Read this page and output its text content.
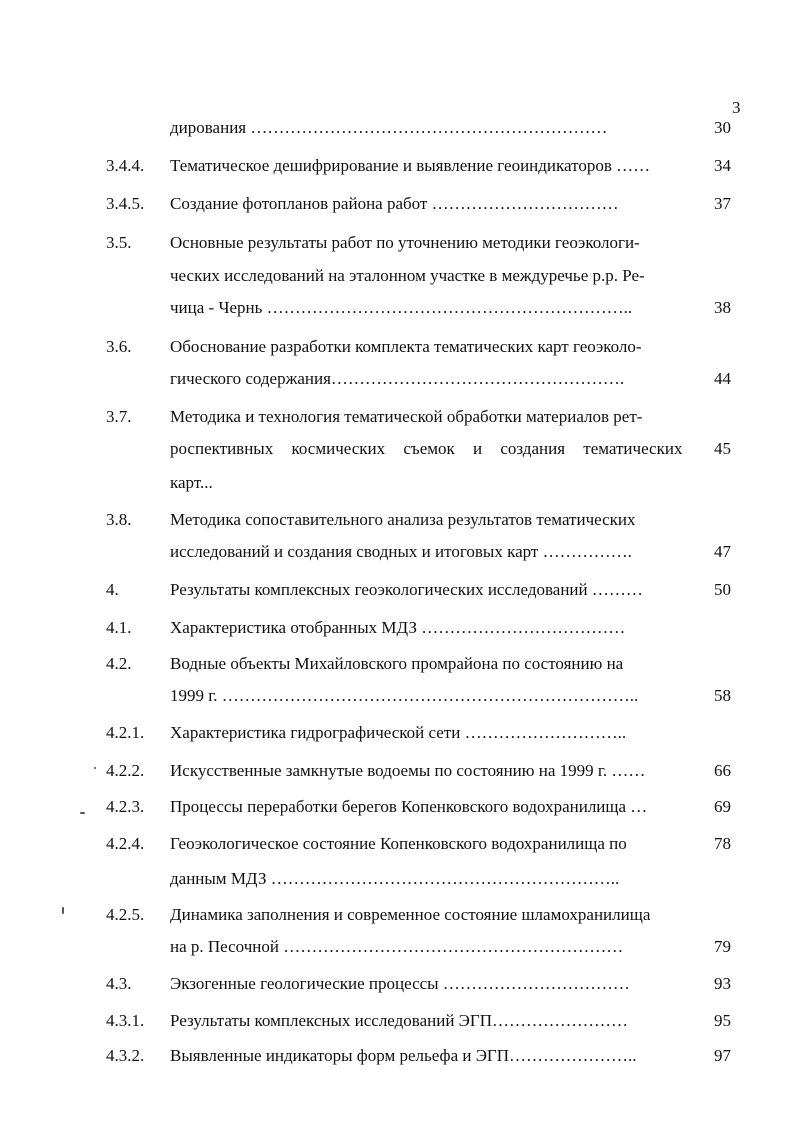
3
дирования ………………………………………………………	30
3.4.4. Тематическое дешифрирование и выявление геоиндикаторов ……	34
3.4.5. Создание фотопланов района работ ……………………………	37
3.5. Основные результаты работ по уточнению методики геоэкологи-
ческих исследований на эталонном участке в междуречье р.р. Ре-
чица - Чернь ………………………………………………………..	38
3.6. Обоснование разработки комплекта тематических карт геоэколо-
гического содержания…………………………………………….	44
3.7. Методика и технология тематической обработки материалов рет-
роспективных космических съемок и создания тематических 45
карт...
3.8. Методика сопоставительного анализа результатов тематических
исследований и создания сводных и итоговых карт …………….	47
4.	Результаты комплексных геоэкологических исследований ………	50
4.1. Характеристика отобранных МДЗ ………………………………
4.2. Водные объекты Михайловского промрайона по состоянию на
1999 г. ………………………………………………………………..	58
4.2.1. Характеристика гидрографической сети ………………………..
4.2.2. Искусственные замкнутые водоемы по состоянию на 1999 г. ……	66
4.2.3. Процессы переработки берегов Копенковского водохранилища …	69
4.2.4. Геоэкологическое состояние Копенковского водохранилища по	78
данным МДЗ ……………………………………………………..
4.2.5. Динамика заполнения и современное состояние шламохранилища
на р. Песочной ……………………………………………………	79
4.3. Экзогенные геологические процессы ……………………………	93
4.3.1. Результаты комплексных исследований ЭГП……………………	95
4.3.2. Выявленные индикаторы форм рельефа и ЭГП…………………..	97
